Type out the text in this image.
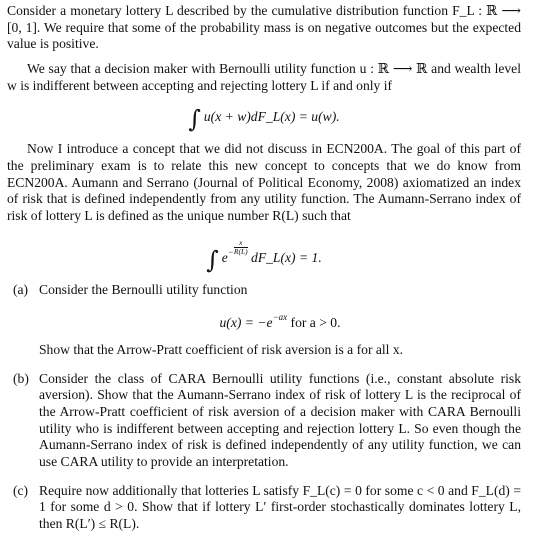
Consider a monetary lottery L described by the cumulative distribution function F_L : ℝ ⟶ [0, 1]. We require that some of the probability mass is on negative outcomes but the expected value is positive.

We say that a decision maker with Bernoulli utility function u : ℝ ⟶ ℝ and wealth level w is indifferent between accepting and rejecting lottery L if and only if

∫ u(x + w)dF_L(x) = u(w).

Now I introduce a concept that we did not discuss in ECN200A. The goal of this part of the preliminary exam is to relate this new concept to concepts that we do know from ECN200A. Aumann and Serrano (Journal of Political Economy, 2008) axiomatized an index of risk that is defined independently from any utility function. The Aumann-Serrano index of risk of lottery L is defined as the unique number R(L) such that

∫ $e^- \frac{x}{R(L)}$
dF_L(x) = 1.
(a) Consider the Bernoulli utility function
$u(x) = -e^{-ax}$ for a > 0.
Show that the Arrow-Pratt coefficient of risk aversion is a for all x.
(b) Consider the class of CARA Bernoulli utility functions (i.e., constant absolute risk aversion). Show that the Aumann-Serrano index of risk of lottery L is the reciprocal of the Arrow-Pratt coefficient of risk aversion of a decision maker with CARA Bernoulli utility who is indifferent between accepting and rejection lottery L. So even though the Aumann-Serrano index of risk is defined independently of any utility function, we can use CARA utility to provide an interpretation.
(c) Require now additionally that lotteries L satisfy F_L(c) = 0 for some c < 0 and F_L(d) = 1 for some d > 0. Show that if lottery L′ first-order stochastically dominates lottery L, then R(L′) ≤ R(L).
